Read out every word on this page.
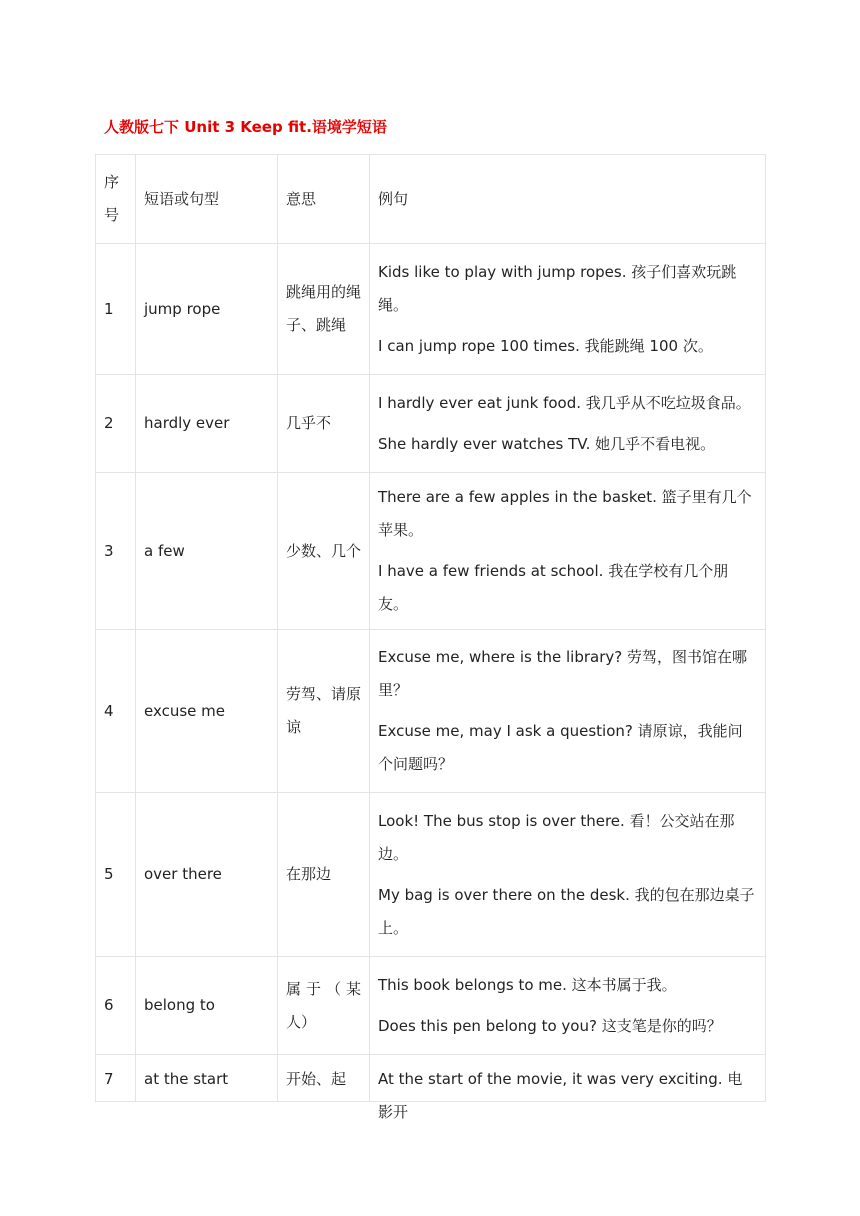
人教版七下 Unit 3 Keep fit.语境学短语
序号	短语或句型	意思	例句
1	jump rope	跳绳用的绳子、跳绳	Kids like to play with jump ropes. 孩子们喜欢玩跳绳。

I can jump rope 100 times. 我能跳绳 100 次。

2	hardly ever	几乎不	I hardly ever eat junk food. 我几乎从不吃垃圾食品。

She hardly ever watches TV. 她几乎不看电视。

3	a few	少数、几个	There are a few apples in the basket. 篮子里有几个苹果。

I have a few friends at school. 我在学校有几个朋友。

4	excuse me	劳驾、请原谅	Excuse me, where is the library? 劳驾，图书馆在哪里？

Excuse me, may I ask a question? 请原谅，我能问个问题吗？

5	over there	在那边	Look! The bus stop is over there. 看！公交站在那边。

My bag is over there on the desk. 我的包在那边桌子上。

6	belong to	属于（某人）	This book belongs to me. 这本书属于我。

Does this pen belong to you? 这支笔是你的吗？

7	at the start	开始、起	At the start of the movie, it was very exciting. 电影开
